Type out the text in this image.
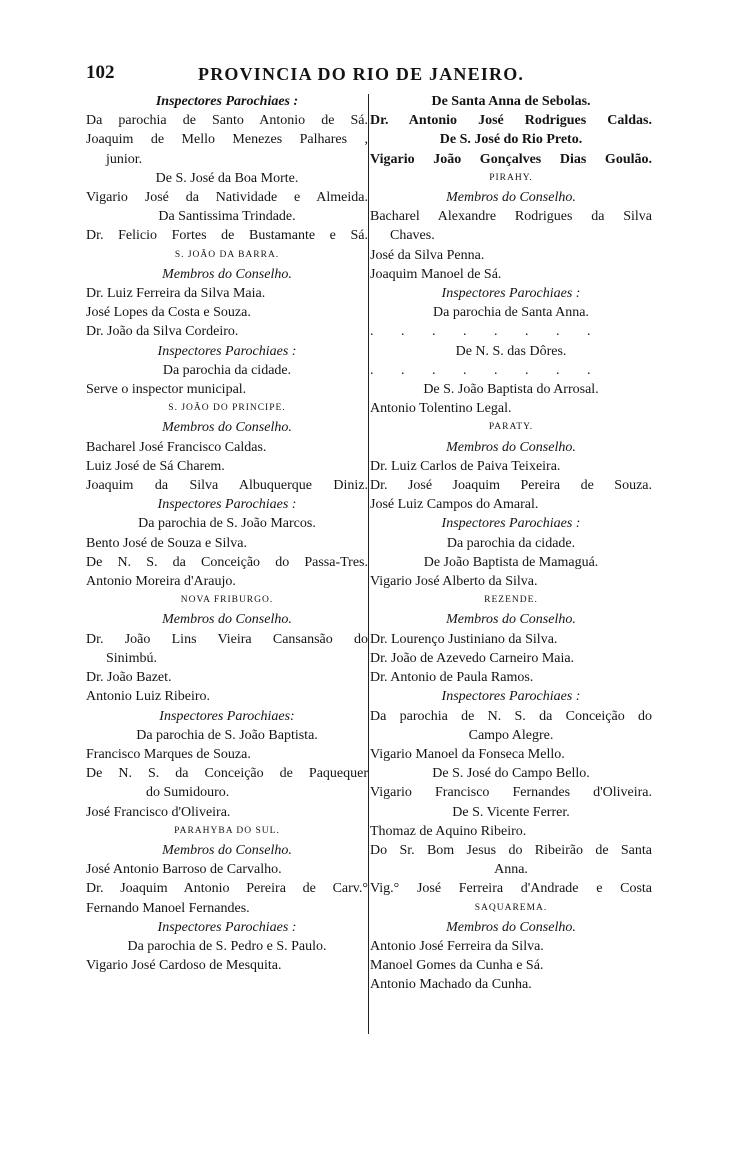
102	PROVINCIA DO RIO DE JANEIRO.
Inspectores Parochiaes :
Da parochia de Santo Antonio de Sá.
Joaquim de Mello Menezes Palhares ,
junior.
De S. José da Boa Morte.
Vigario José da Natividade e Almeida.
Da Santissima Trindade.
Dr. Felicio Fortes de Bustamante e Sá.
S. JOÃO DA BARRA.
Membros do Conselho.
Dr. Luiz Ferreira da Silva Maia.
José Lopes da Costa e Souza.
Dr. João da Silva Cordeiro.
Inspectores Parochiaes :
Da parochia da cidade.
Serve o inspector municipal.
S. JOÃO DO PRINCIPE.
Membros do Conselho.
Bacharel José Francisco Caldas.
Luiz José de Sá Charem.
Joaquim da Silva Albuquerque Diniz.
Inspectores Parochiaes :
Da parochia de S. João Marcos.
Bento José de Souza e Silva.
De N. S. da Conceição do Passa-Tres.
Antonio Moreira d'Araujo.
NOVA FRIBURGO.
Membros do Conselho.
Dr. João Lins Vieira Cansansão do
Sinimbú.
Dr. João Bazet.
Antonio Luiz Ribeiro.
Inspectores Parochiaes:
Da parochia de S. João Baptista.
Francisco Marques de Souza.
De N. S. da Conceição de Paquequer
do Sumidouro.
José Francisco d'Oliveira.
PARAHYBA DO SUL.
Membros do Conselho.
José Antonio Barroso de Carvalho.
Dr. Joaquim Antonio Pereira de Carv.°
Fernando Manoel Fernandes.
Inspectores Parochiaes :
Da parochia de S. Pedro e S. Paulo.
Vigario José Cardoso de Mesquita.
De Santa Anna de Sebolas.
Dr. Antonio José Rodrigues Caldas.
De S. José do Rio Preto.
Vigario João Gonçalves Dias Goulão.
PIRAHY.
Membros do Conselho.
Bacharel Alexandre Rodrigues da Silva
Chaves.
José da Silva Penna.
Joaquim Manoel de Sá.
Inspectores Parochiaes :
Da parochia de Santa Anna.
. . . . . . . .
De N. S. das Dôres.
. . . . . . . .
De S. João Baptista do Arrosal.
Antonio Tolentino Legal.
PARATY.
Membros do Conselho.
Dr. Luiz Carlos de Paiva Teixeira.
Dr. José Joaquim Pereira de Souza.
José Luiz Campos do Amaral.
Inspectores Parochiaes :
Da parochia da cidade.
De João Baptista de Mamaguá.
Vigario José Alberto da Silva.
REZENDE.
Membros do Conselho.
Dr. Lourenço Justiniano da Silva.
Dr. João de Azevedo Carneiro Maia.
Dr. Antonio de Paula Ramos.
Inspectores Parochiaes :
Da parochia de N. S. da Conceição do
Campo Alegre.
Vigario Manoel da Fonseca Mello.
De S. José do Campo Bello.
Vigario Francisco Fernandes d'Oliveira.
De S. Vicente Ferrer.
Thomaz de Aquino Ribeiro.
Do Sr. Bom Jesus do Ribeirão de Santa
Anna.
Vig.° José Ferreira d'Andrade e Costa
SAQUAREMA.
Membros do Conselho.
Antonio José Ferreira da Silva.
Manoel Gomes da Cunha e Sá.
Antonio Machado da Cunha.
